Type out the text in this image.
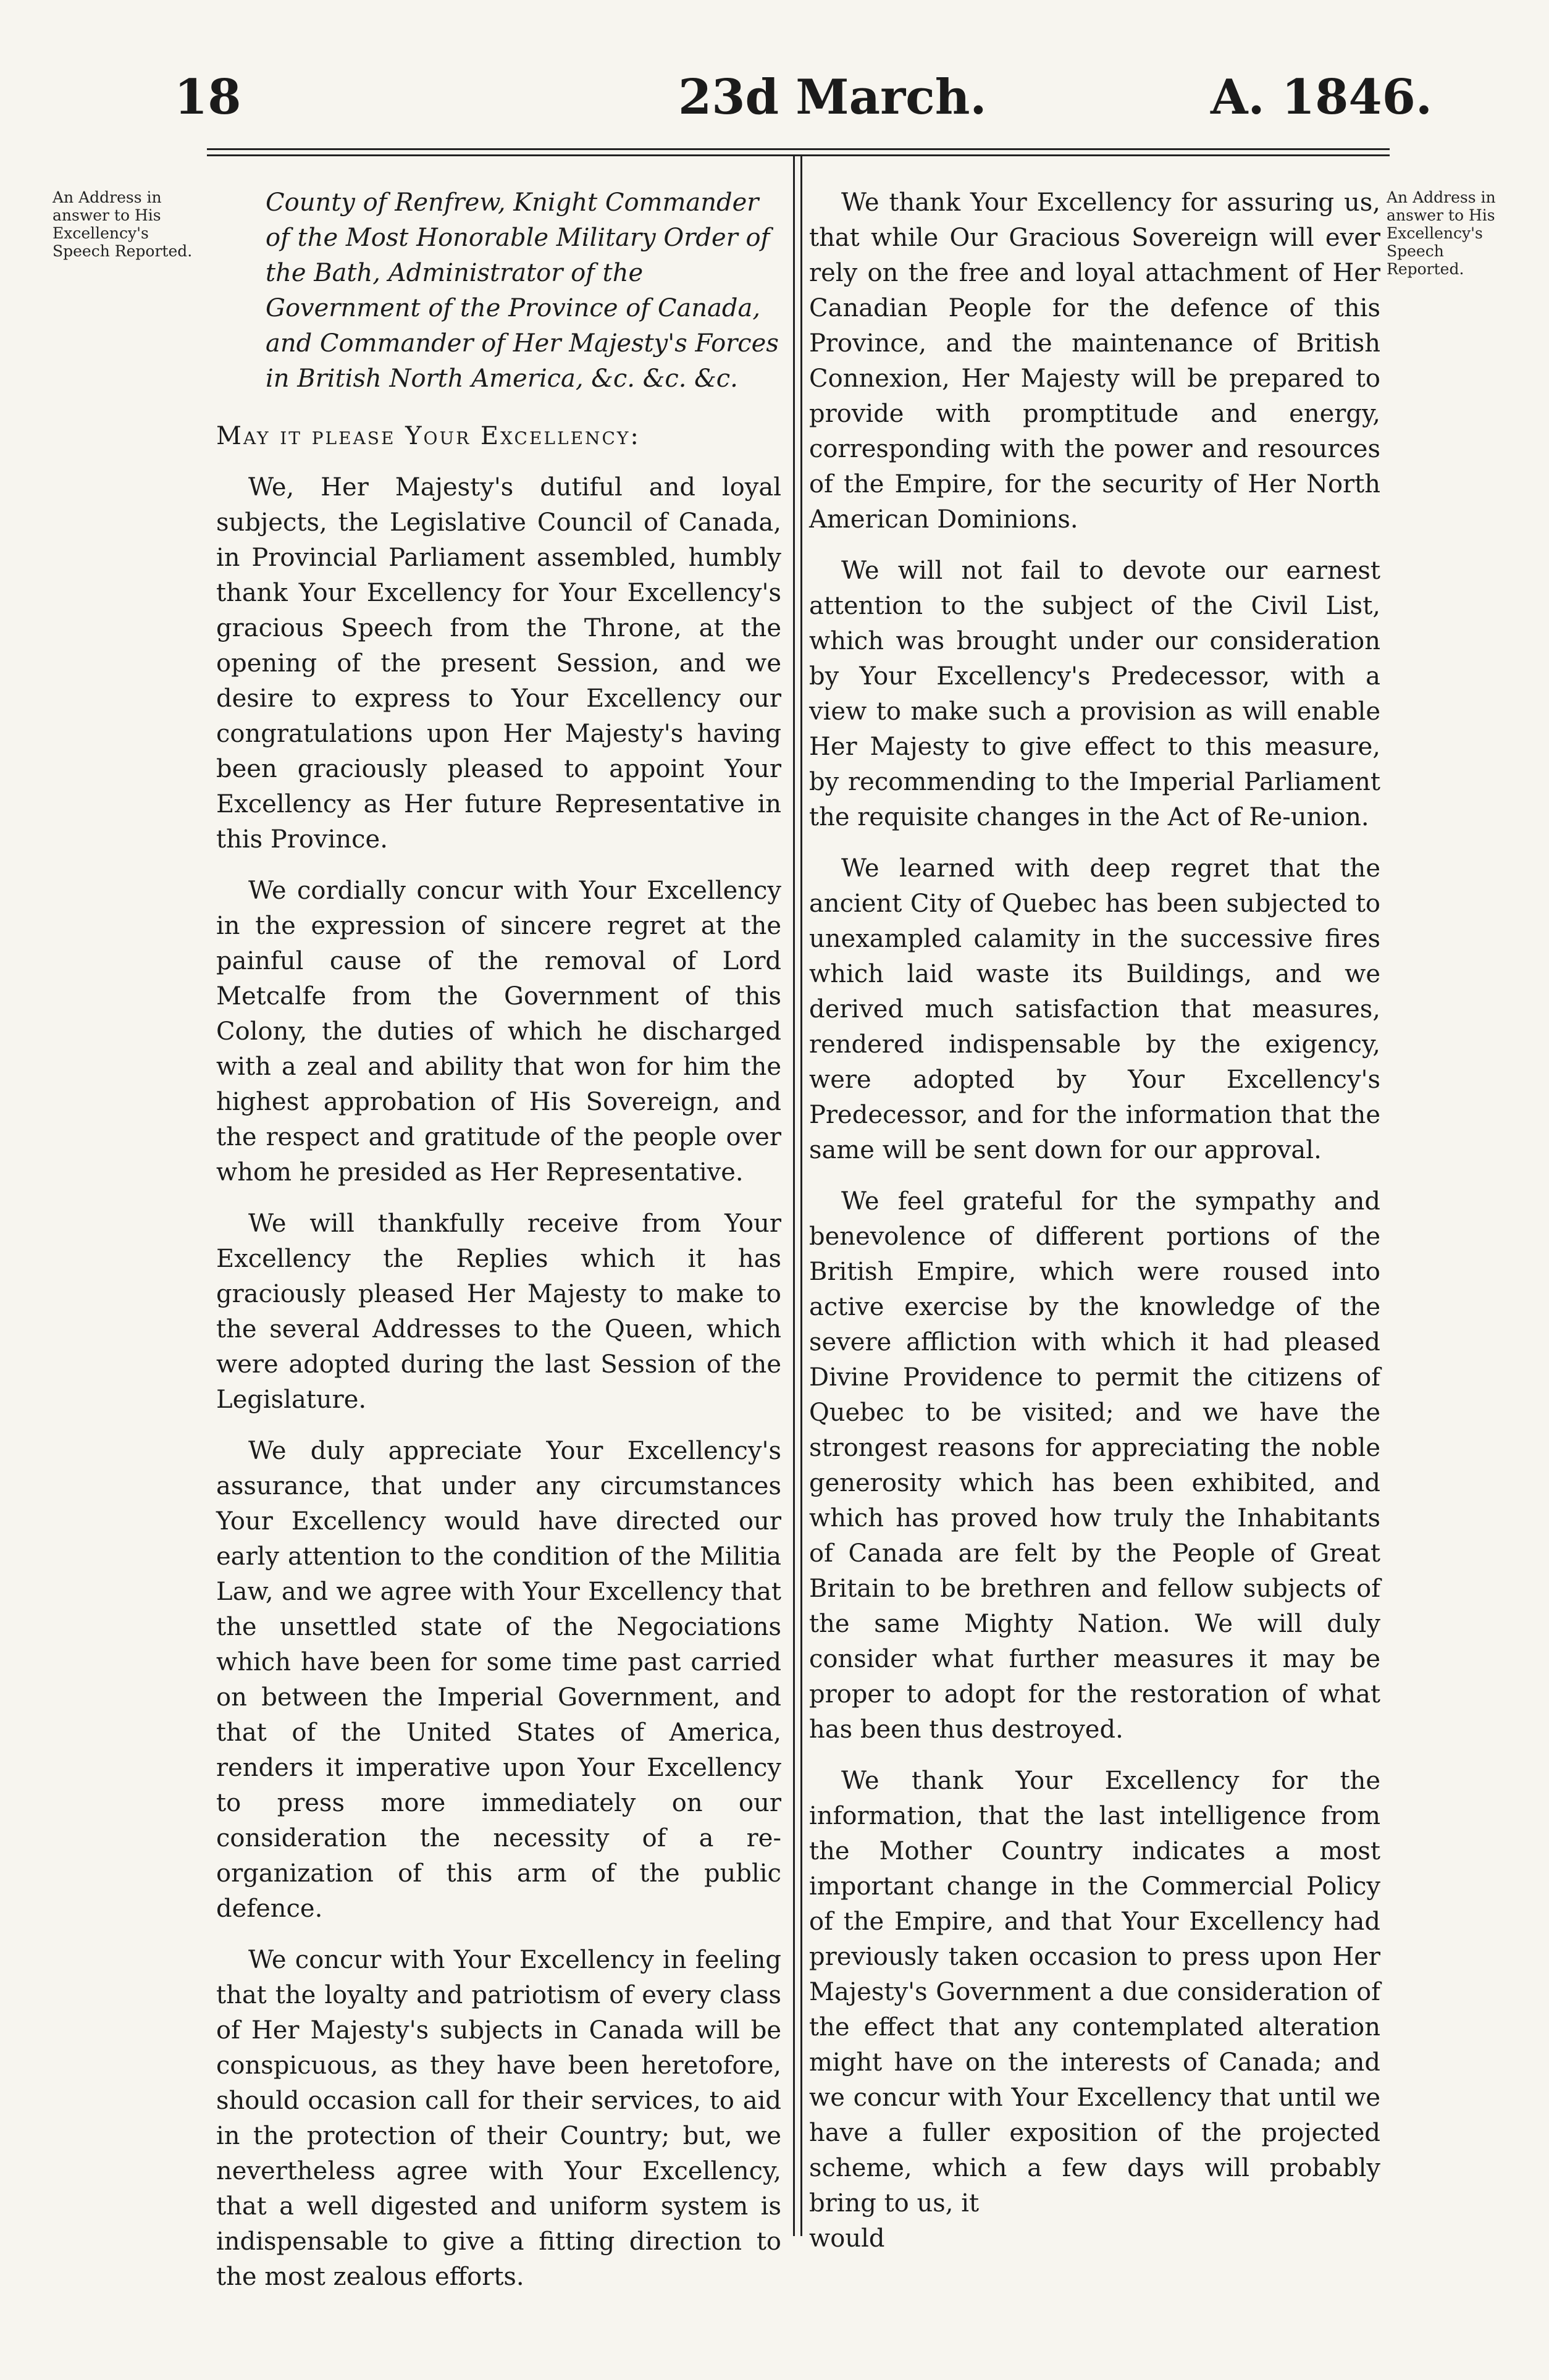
18	23d March.	A. 1846.
An Address in answer to His Excellency's Speech Reported.
An Address in answer to His Excellency's Speech Reported.

County of Renfrew, Knight Commander of the Most Honorable Military Order of the Bath, Administrator of the Government of the Province of Canada, and Commander of Her Majesty's Forces in British North America, &c. &c. &c.

May it please Your Excellency:

We, Her Majesty's dutiful and loyal subjects, the Legislative Council of Canada, in Provincial Parliament assembled, humbly thank Your Excellency for Your Excellency's gracious Speech from the Throne, at the opening of the present Session, and we desire to express to Your Excellency our congratulations upon Her Majesty's having been graciously pleased to appoint Your Excellency as Her future Representative in this Province.

We cordially concur with Your Excellency in the expression of sincere regret at the painful cause of the removal of Lord Metcalfe from the Government of this Colony, the duties of which he discharged with a zeal and ability that won for him the highest approbation of His Sovereign, and the respect and gratitude of the people over whom he presided as Her Representative.

We will thankfully receive from Your Excellency the Replies which it has graciously pleased Her Majesty to make to the several Addresses to the Queen, which were adopted during the last Session of the Legislature.

We duly appreciate Your Excellency's assurance, that under any circumstances Your Excellency would have directed our early attention to the condition of the Militia Law, and we agree with Your Excellency that the unsettled state of the Negociations which have been for some time past carried on between the Imperial Government, and that of the United States of America, renders it imperative upon Your Excellency to press more immediately on our consideration the necessity of a re-organization of this arm of the public defence.

We concur with Your Excellency in feeling that the loyalty and patriotism of every class of Her Majesty's subjects in Canada will be conspicuous, as they have been heretofore, should occasion call for their services, to aid in the protection of their Country; but, we nevertheless agree with Your Excellency, that a well digested and uniform system is indispensable to give a fitting direction to the most zealous efforts.

We thank Your Excellency for assuring us, that while Our Gracious Sovereign will ever rely on the free and loyal attachment of Her Canadian People for the defence of this Province, and the maintenance of British Connexion, Her Majesty will be prepared to provide with promptitude and energy, corresponding with the power and resources of the Empire, for the security of Her North American Dominions.

We will not fail to devote our earnest attention to the subject of the Civil List, which was brought under our consideration by Your Excellency's Predecessor, with a view to make such a provision as will enable Her Majesty to give effect to this measure, by recommending to the Imperial Parliament the requisite changes in the Act of Re-union.

We learned with deep regret that the ancient City of Quebec has been subjected to unexampled calamity in the successive fires which laid waste its Buildings, and we derived much satisfaction that measures, rendered indispensable by the exigency, were adopted by Your Excellency's Predecessor, and for the information that the same will be sent down for our approval.

We feel grateful for the sympathy and benevolence of different portions of the British Empire, which were roused into active exercise by the knowledge of the severe affliction with which it had pleased Divine Providence to permit the citizens of Quebec to be visited; and we have the strongest reasons for appreciating the noble generosity which has been exhibited, and which has proved how truly the Inhabitants of Canada are felt by the People of Great Britain to be brethren and fellow subjects of the same Mighty Nation. We will duly consider what further measures it may be proper to adopt for the restoration of what has been thus destroyed.

We thank Your Excellency for the information, that the last intelligence from the Mother Country indicates a most important change in the Commercial Policy of the Empire, and that Your Excellency had previously taken occasion to press upon Her Majesty's Government a due consideration of the effect that any contemplated alteration might have on the interests of Canada; and we concur with Your Excellency that until we have a fuller exposition of the projected scheme, which a few days will probably bring to us, it

would
